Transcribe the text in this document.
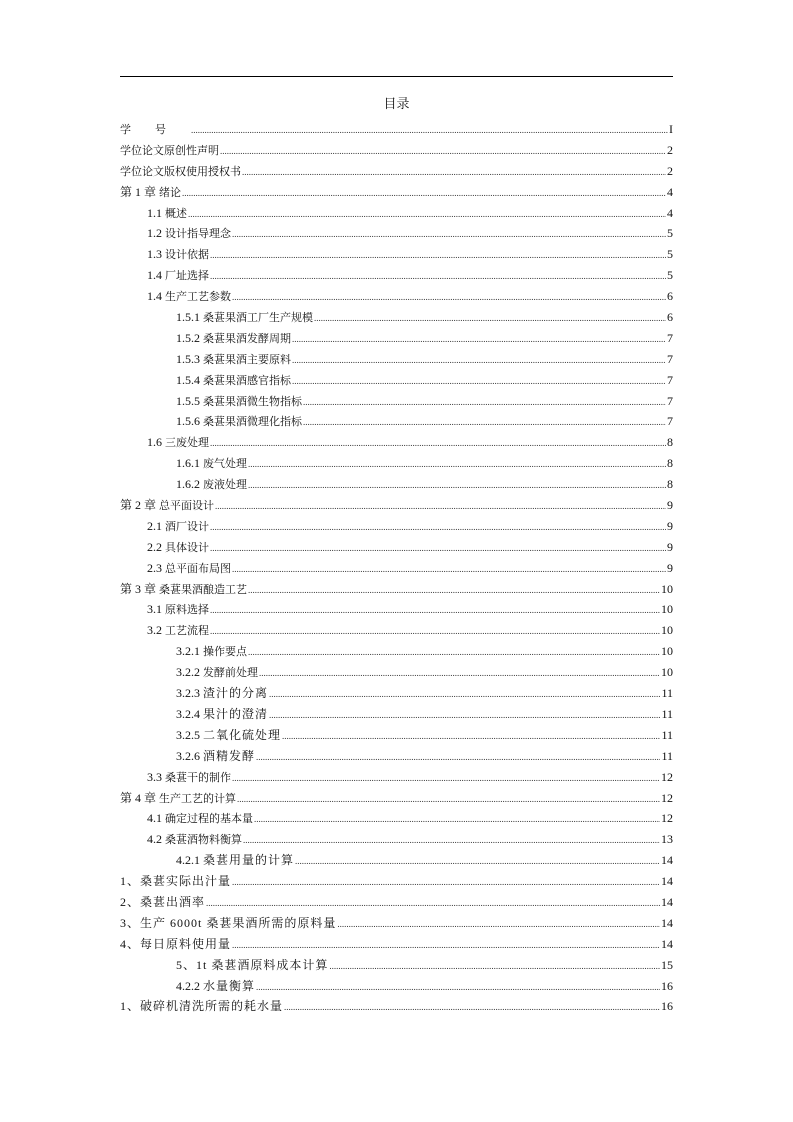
目录
学号 .....	I
学位论文原创性声明 .....	2
学位论文版权使用授权书 .....	2
第 1 章 绪论 .....	4
1.1 概述 .....	4
1.2 设计指导理念 .....	5
1.3 设计依据 .....	5
1.4 厂址选择 .....	5
1.4 生产工艺参数 .....	6
1.5.1 桑葚果酒工厂生产规模 .....	6
1.5.2 桑葚果酒发酵周期 .....	7
1.5.3 桑葚果酒主要原料 .....	7
1.5.4 桑葚果酒感官指标 .....	7
1.5.5 桑葚果酒微生物指标 .....	7
1.5.6 桑葚果酒微理化指标 .....	7
1.6 三废处理 .....	8
1.6.1 废气处理 .....	8
1.6.2 废液处理 .....	8
第 2 章 总平面设计 .....	9
2.1 酒厂设计 .....	9
2.2 具体设计 .....	9
2.3 总平面布局图 .....	9
第 3 章 桑葚果酒酿造工艺 .....	10
3.1 原料选择 .....	10
3.2 工艺流程 .....	10
3.2.1 操作要点 .....	10
3.2.2 发酵前处理 .....	10
3.2.3 渣汁的分离 .....	11
3.2.4 果汁的澄清 .....	11
3.2.5 二氧化硫处理 .....	11
3.2.6 酒精发酵 .....	11
3.3 桑葚干的制作 .....	12
第 4 章 生产工艺的计算 .....	12
4.1 确定过程的基本量 .....	12
4.2 桑葚酒物料衡算 .....	13
4.2.1 桑葚用量的计算 .....	14
1、桑葚实际出汁量 .....	14
2、桑葚出酒率 .....	14
3、生产 6000t 桑葚果酒所需的原料量 .....	14
4、每日原料使用量 .....	14
5、1t 桑葚酒原料成本计算 .....	15
4.2.2 水量衡算 .....	16
1、破碎机清洗所需的耗水量 .....	16
